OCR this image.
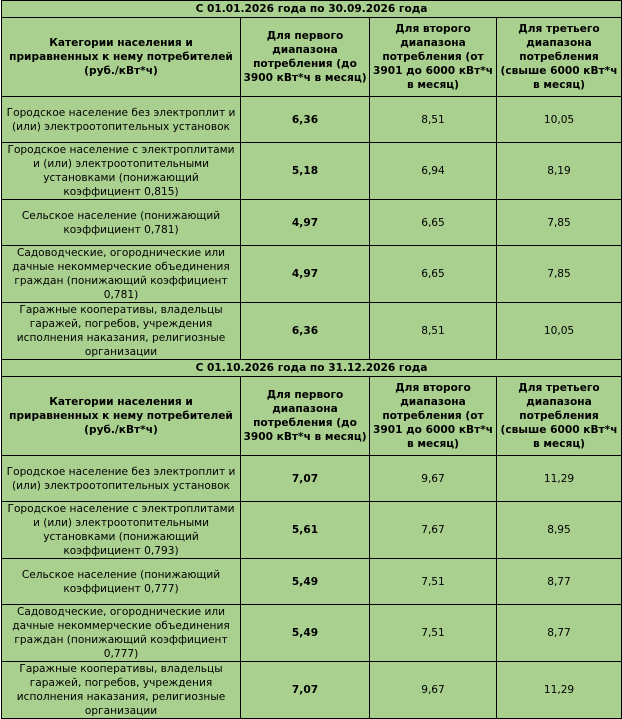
С 01.01.2026 года по 30.09.2026 года			
Категории населения и приравненных к нему потребителей (руб./кВт*ч)	Для первого диапазона потребления (до 3900 кВт*ч в месяц)	Для второго диапазона потребления (от 3901 до 6000 кВт*ч в месяц)	Для третьего диапазона потребления (свыше 6000 кВт*ч в месяц)
Городское население без электроплит и (или) электроотопительных установок	6,36	8,51	10,05
Городское население с электроплитами и (или) электроотопительными установками (понижающий коэффициент 0,815)	5,18	6,94	8,19
Сельское население (понижающий коэффициент 0,781)	4,97	6,65	7,85
Садоводческие, огороднические или дачные некоммерческие объединения граждан (понижающий коэффициент 0,781)	4,97	6,65	7,85
Гаражные кооперативы, владельцы гаражей, погребов, учреждения исполнения наказания, религиозные организации	6,36	8,51	10,05
С 01.10.2026 года по 31.12.2026 года			
Категории населения и приравненных к нему потребителей (руб./кВт*ч)	Для первого диапазона потребления (до 3900 кВт*ч в месяц)	Для второго диапазона потребления (от 3901 до 6000 кВт*ч в месяц)	Для третьего диапазона потребления (свыше 6000 кВт*ч в месяц)
Городское население без электроплит и (или) электроотопительных установок	7,07	9,67	11,29
Городское население с электроплитами и (или) электроотопительными установками (понижающий коэффициент 0,793)	5,61	7,67	8,95
Сельское население (понижающий коэффициент 0,777)	5,49	7,51	8,77
Садоводческие, огороднические или дачные некоммерческие объединения граждан (понижающий коэффициент 0,777)	5,49	7,51	8,77
Гаражные кооперативы, владельцы гаражей, погребов, учреждения исполнения наказания, религиозные организации	7,07	9,67	11,29
